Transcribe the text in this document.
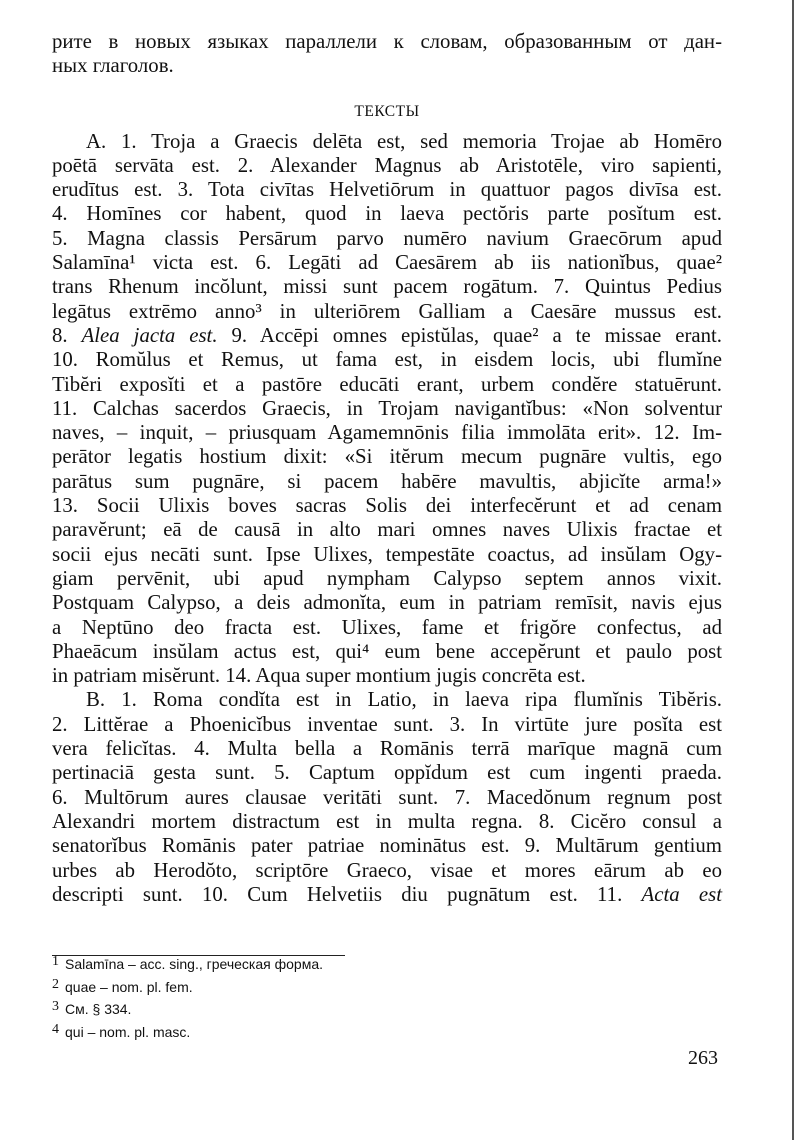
рите в новых языках параллели к словам, образованным от дан-
ных глаголов.
ТЕКСТЫ
A. 1. Troja a Graecis delēta est, sed memoria Trojae ab Homēro
poētā servāta est. 2. Alexander Magnus ab Aristotēle, viro sapienti,
erudītus est. 3. Tota civītas Helvetiōrum in quattuor pagos divīsa est.
4. Homīnes cor habent, quod in laeva pectŏris parte posĭtum est.
5. Magna classis Persārum parvo numēro navium Graecōrum apud
Salamīna¹ victa est. 6. Legāti ad Caesārem ab iis nationĭbus, quae²
trans Rhenum incŏlunt, missi sunt pacem rogātum. 7. Quintus Pedius
legātus extrēmo anno³ in ulteriōrem Galliam a Caesāre mussus est.
8. Alea jacta est. 9. Accēpi omnes epistŭlas, quae² a te missae erant.
10. Romŭlus et Remus, ut fama est, in eisdem locis, ubi flumĭne
Tibĕri exposĭti et a pastōre educāti erant, urbem condĕre statuērunt.
11. Calchas sacerdos Graecis, in Trojam navigantĭbus: «Non solventur
naves, – inquit, – priusquam Agamemnōnis filia immolāta erit». 12. Im-
perātor legatis hostium dixit: «Si itĕrum mecum pugnāre vultis, ego
parātus sum pugnāre, si pacem habēre mavultis, abjicĭte arma!»
13. Socii Ulixis boves sacras Solis dei interfecĕrunt et ad cenam
paravĕrunt; eā de causā in alto mari omnes naves Ulixis fractae et
socii ejus necāti sunt. Ipse Ulixes, tempestāte coactus, ad insŭlam Ogy-
giam pervēnit, ubi apud nympham Calypso septem annos vixit.
Postquam Calypso, a deis admonĭta, eum in patriam remīsit, navis ejus
a Neptūno deo fracta est. Ulixes, fame et frigŏre confectus, ad
Phaeācum insŭlam actus est, qui⁴ eum bene accepĕrunt et paulo post
in patriam misĕrunt. 14. Aqua super montium jugis concrēta est.
B. 1. Roma condĭta est in Latio, in laeva ripa flumĭnis Tibĕris.
2. Littĕrae a Phoenicĭbus inventae sunt. 3. In virtūte jure posĭta est
vera felicĭtas. 4. Multa bella a Romānis terrā marīque magnā cum
pertinaciā gesta sunt. 5. Captum oppĭdum est cum ingenti praeda.
6. Multōrum aures clausae veritāti sunt. 7. Macedŏnum regnum post
Alexandri mortem distractum est in multa regna. 8. Cicĕro consul a
senatorĭbus Romānis pater patriae nominātus est. 9. Multārum gentium
urbes ab Herodŏto, scriptōre Graeco, visae et mores eārum ab eo
descripti sunt. 10. Cum Helvetiis diu pugnātum est. 11. Acta est
$^1$ Salamīna – acc. sing., греческая форма.
$^2$ quae – nom. pl. fem.
$^3$ См. § 334.
$^4$ qui – nom. pl. masc.
263
